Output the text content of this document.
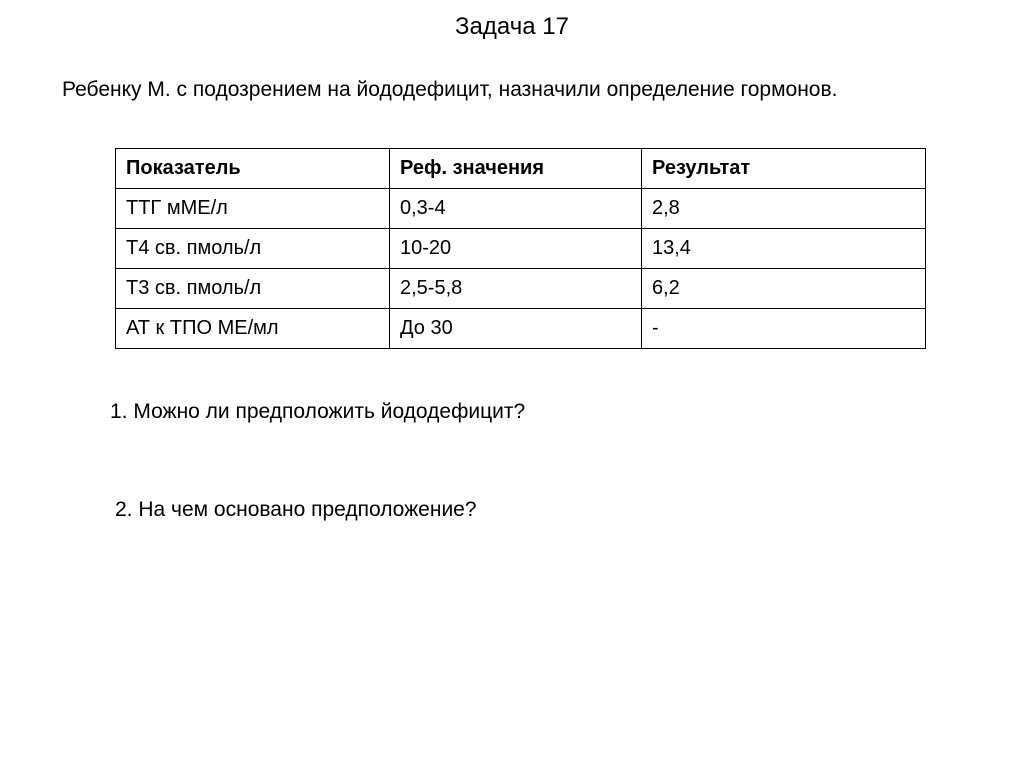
Задача 17
Ребенку М. с подозрением на йододефицит, назначили определение гормонов.
Показатель	Реф. значения	Результат
ТТГ мМЕ/л	0,3-4	2,8
Т4 св. пмоль/л	10-20	13,4
Т3 св. пмоль/л	2,5-5,8	6,2
АТ к ТПО МЕ/мл	До 30	-
1. Можно ли предположить йододефицит?
2. На чем основано предположение?
